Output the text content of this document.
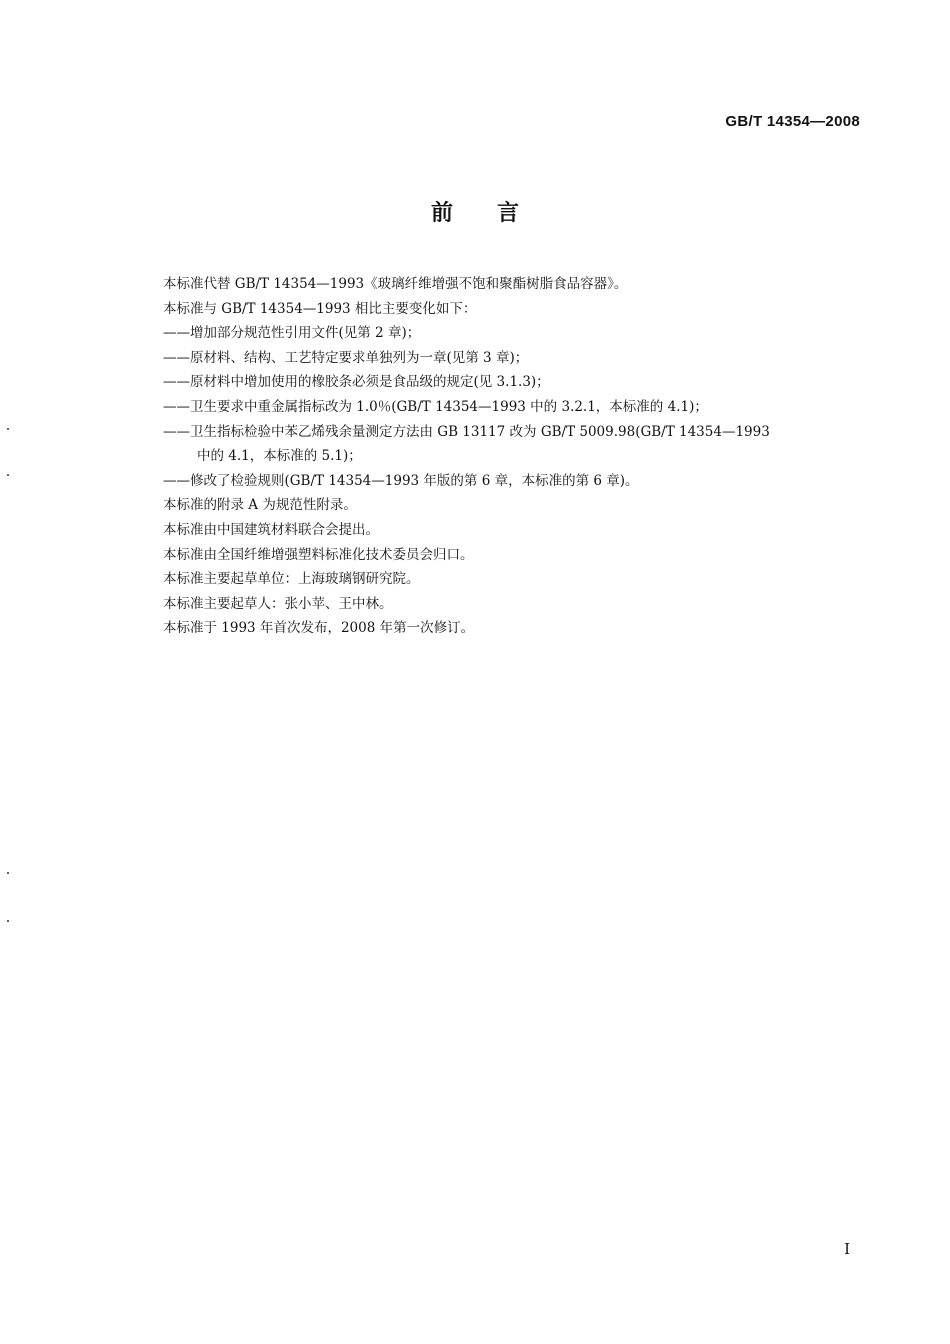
GB/T 14354—2008
前言
本标准代替 GB/T 14354—1993《玻璃纤维增强不饱和聚酯树脂食品容器》。
本标准与 GB/T 14354—1993 相比主要变化如下：
——增加部分规范性引用文件(见第 2 章)；
——原材料、结构、工艺特定要求单独列为一章(见第 3 章)；
——原材料中增加使用的橡胶条必须是食品级的规定(见 3.1.3)；
——卫生要求中重金属指标改为 1.0％(GB/T 14354—1993 中的 3.2.1，本标准的 4.1)；
——卫生指标检验中苯乙烯残余量测定方法由 GB 13117 改为 GB/T 5009.98(GB/T 14354—1993
中的 4.1，本标准的 5.1)；
——修改了检验规则(GB/T 14354—1993 年版的第 6 章，本标准的第 6 章)。
本标准的附录 A 为规范性附录。
本标准由中国建筑材料联合会提出。
本标准由全国纤维增强塑料标准化技术委员会归口。
本标准主要起草单位：上海玻璃钢研究院。
本标准主要起草人：张小苹、王中林。
本标准于 1993 年首次发布，2008 年第一次修订。
I
